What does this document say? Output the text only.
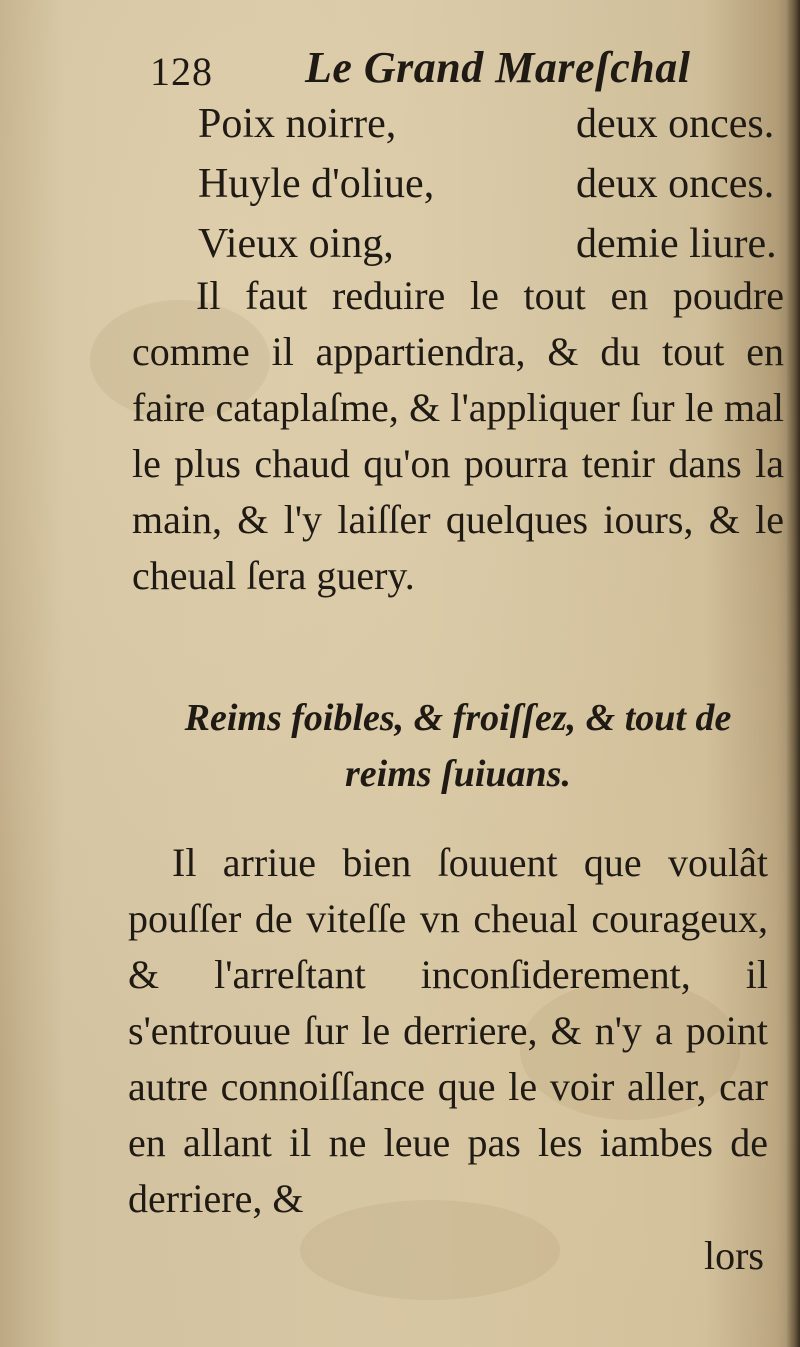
128 Le Grand Mareſchal
Poix noirre,	deux onces.
Huyle d'oliue,	deux onces.
Vieux oing,	demie liure.

Il faut reduire le tout en poudre comme il appartiendra, & du tout en faire cataplaſme, & l'appliquer ſur le mal le plus chaud qu'on pourra tenir dans la main, & l'y laiſſer quelques iours, & le cheual ſera guery.

Reims foibles, & froiſſez, & tout de reims ſuiuans.

Il arriue bien ſouuent que voulât pouſſer de viteſſe vn cheual courageux, & l'arreſtant inconſiderement, il s'entrouue ſur le derriere, & n'y a point autre connoiſſance que le voir aller, car en allant il ne leue pas les iambes de derriere, &

lors
